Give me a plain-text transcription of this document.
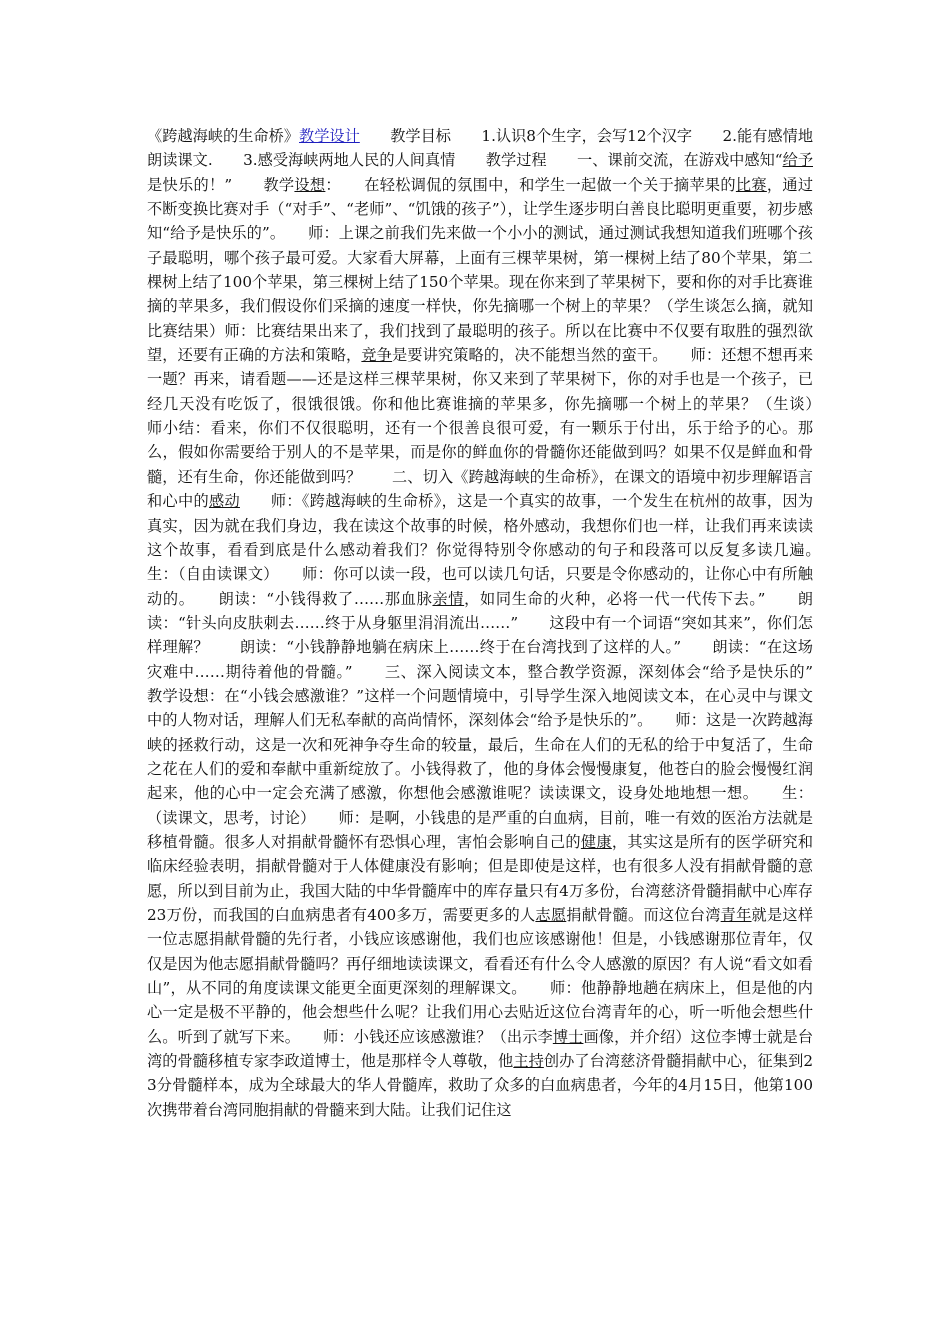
《跨越海峡的生命桥》教学设计　　教学目标　　1.认识8个生字，会写12个汉字　　2.能有感情地朗读课文.　　3.感受海峡两地人民的人间真情　　教学过程　　一、课前交流，在游戏中感知“给予是快乐的！”　　教学设想：　　在轻松调侃的氛围中，和学生一起做一个关于摘苹果的比赛，通过不断变换比赛对手（“对手”、“老师”、“饥饿的孩子”），让学生逐步明白善良比聪明更重要，初步感知“给予是快乐的”。　　师：上课之前我们先来做一个小小的测试，通过测试我想知道我们班哪个孩子最聪明，哪个孩子最可爱。大家看大屏幕，上面有三棵苹果树，第一棵树上结了80个苹果，第二棵树上结了100个苹果，第三棵树上结了150个苹果。现在你来到了苹果树下，要和你的对手比赛谁摘的苹果多，我们假设你们采摘的速度一样快，你先摘哪一个树上的苹果？（学生谈怎么摘，就知比赛结果）师：比赛结果出来了，我们找到了最聪明的孩子。所以在比赛中不仅要有取胜的强烈欲望，还要有正确的方法和策略，竞争是要讲究策略的，决不能想当然的蛮干。　　师：还想不想再来一题？再来，请看题——还是这样三棵苹果树，你又来到了苹果树下，你的对手也是一个孩子，已经几天没有吃饭了，很饿很饿。你和他比赛谁摘的苹果多，你先摘哪一个树上的苹果？（生谈）　　师小结：看来，你们不仅很聪明，还有一个很善良很可爱，有一颗乐于付出，乐于给予的心。那么，假如你需要给于别人的不是苹果，而是你的鲜血你的骨髓你还能做到吗？如果不仅是鲜血和骨髓，还有生命，你还能做到吗？　　二、切入《跨越海峡的生命桥》，在课文的语境中初步理解语言和心中的感动　　师：《跨越海峡的生命桥》，这是一个真实的故事，一个发生在杭州的故事，因为真实，因为就在我们身边，我在读这个故事的时候，格外感动，我想你们也一样，让我们再来读读这个故事，看看到底是什么感动着我们？你觉得特别令你感动的句子和段落可以反复多读几遍。　　生：（自由读课文）　　师：你可以读一段，也可以读几句话，只要是令你感动的，让你心中有所触动的。　　朗读：“小钱得救了……那血脉亲情，如同生命的火种，必将一代一代传下去。”　　朗读：“针头向皮肤刺去……终于从身躯里涓涓流出……”　　这段中有一个词语“突如其来”，你们怎样理解？　　朗读：“小钱静静地躺在病床上……终于在台湾找到了这样的人。”　　朗读：“在这场灾难中……期待着他的骨髓。”　　三、深入阅读文本，整合教学资源，深刻体会“给予是快乐的”　　教学设想：在“小钱会感激谁？”这样一个问题情境中，引导学生深入地阅读文本，在心灵中与课文中的人物对话，理解人们无私奉献的高尚情怀，深刻体会“给予是快乐的”。　　师：这是一次跨越海峡的拯救行动，这是一次和死神争夺生命的较量，最后，生命在人们的无私的给于中复活了，生命之花在人们的爱和奉献中重新绽放了。小钱得救了，他的身体会慢慢康复，他苍白的脸会慢慢红润起来，他的心中一定会充满了感激，你想他会感激谁呢？读读课文，设身处地地想一想。　　生：（读课文，思考，讨论）　　师：是啊，小钱患的是严重的白血病，目前，唯一有效的医治方法就是移植骨髓。很多人对捐献骨髓怀有恐惧心理，害怕会影响自己的健康，其实这是所有的医学研究和临床经验表明，捐献骨髓对于人体健康没有影响；但是即使是这样，也有很多人没有捐献骨髓的意愿，所以到目前为止，我国大陆的中华骨髓库中的库存量只有4万多份，台湾慈济骨髓捐献中心库存23万份，而我国的白血病患者有400多万，需要更多的人志愿捐献骨髓。而这位台湾青年就是这样一位志愿捐献骨髓的先行者，小钱应该感谢他，我们也应该感谢他！但是，小钱感谢那位青年，仅仅是因为他志愿捐献骨髓吗？再仔细地读读课文，看看还有什么令人感激的原因？有人说“看文如看山”，从不同的角度读课文能更全面更深刻的理解课文。　　师：他静静地趟在病床上，但是他的内心一定是极不平静的，他会想些什么呢？让我们用心去贴近这位台湾青年的心，听一听他会想些什么。听到了就写下来。　　师：小钱还应该感激谁？（出示李博士画像，并介绍）这位李博士就是台湾的骨髓移植专家李政道博士，他是那样令人尊敬，他主持创办了台湾慈济骨髓捐献中心，征集到23分骨髓样本，成为全球最大的华人骨髓库，救助了众多的白血病患者，今年的4月15日，他第100次携带着台湾同胞捐献的骨髓来到大陆。让我们记住这
